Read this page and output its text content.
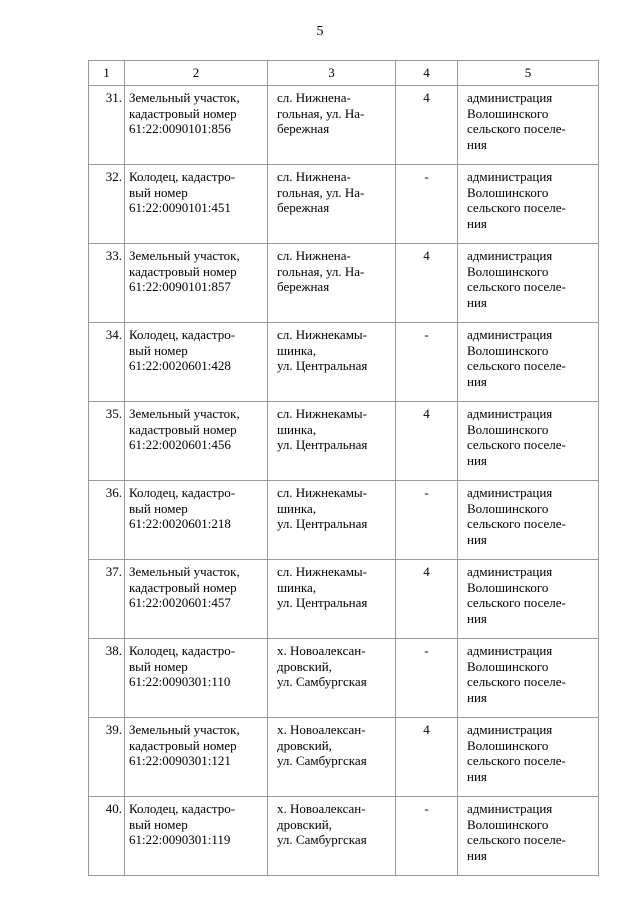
5
1	2	3	4	5
31.	Земельный участок,
кадастровый номер
61:22:0090101:856	сл. Нижнена-
гольная, ул. На-
бережная	4	администрация
Волошинского
сельского поселе-
ния

32.	Колодец, кадастро-
вый номер
61:22:0090101:451	сл. Нижнена-
гольная, ул. На-
бережная	-	администрация
Волошинского
сельского поселе-
ния

33.	Земельный участок,
кадастровый номер
61:22:0090101:857	сл. Нижнена-
гольная, ул. На-
бережная	4	администрация
Волошинского
сельского поселе-
ния

34.	Колодец, кадастро-
вый номер
61:22:0020601:428	сл. Нижнекамы-
шинка,
ул. Центральная	-	администрация
Волошинского
сельского поселе-
ния

35.	Земельный участок,
кадастровый номер
61:22:0020601:456	сл. Нижнекамы-
шинка,
ул. Центральная	4	администрация
Волошинского
сельского поселе-
ния

36.	Колодец, кадастро-
вый номер
61:22:0020601:218	сл. Нижнекамы-
шинка,
ул. Центральная	-	администрация
Волошинского
сельского поселе-
ния

37.	Земельный участок,
кадастровый номер
61:22:0020601:457	сл. Нижнекамы-
шинка,
ул. Центральная	4	администрация
Волошинского
сельского поселе-
ния

38.	Колодец, кадастро-
вый номер
61:22:0090301:110	х. Новоалексан-
дровский,
ул. Самбургская	-	администрация
Волошинского
сельского поселе-
ния

39.	Земельный участок,
кадастровый номер
61:22:0090301:121	х. Новоалексан-
дровский,
ул. Самбургская	4	администрация
Волошинского
сельского поселе-
ния

40.	Колодец, кадастро-
вый номер
61:22:0090301:119	х. Новоалексан-
дровский,
ул. Самбургская	-	администрация
Волошинского
сельского поселе-
ния
